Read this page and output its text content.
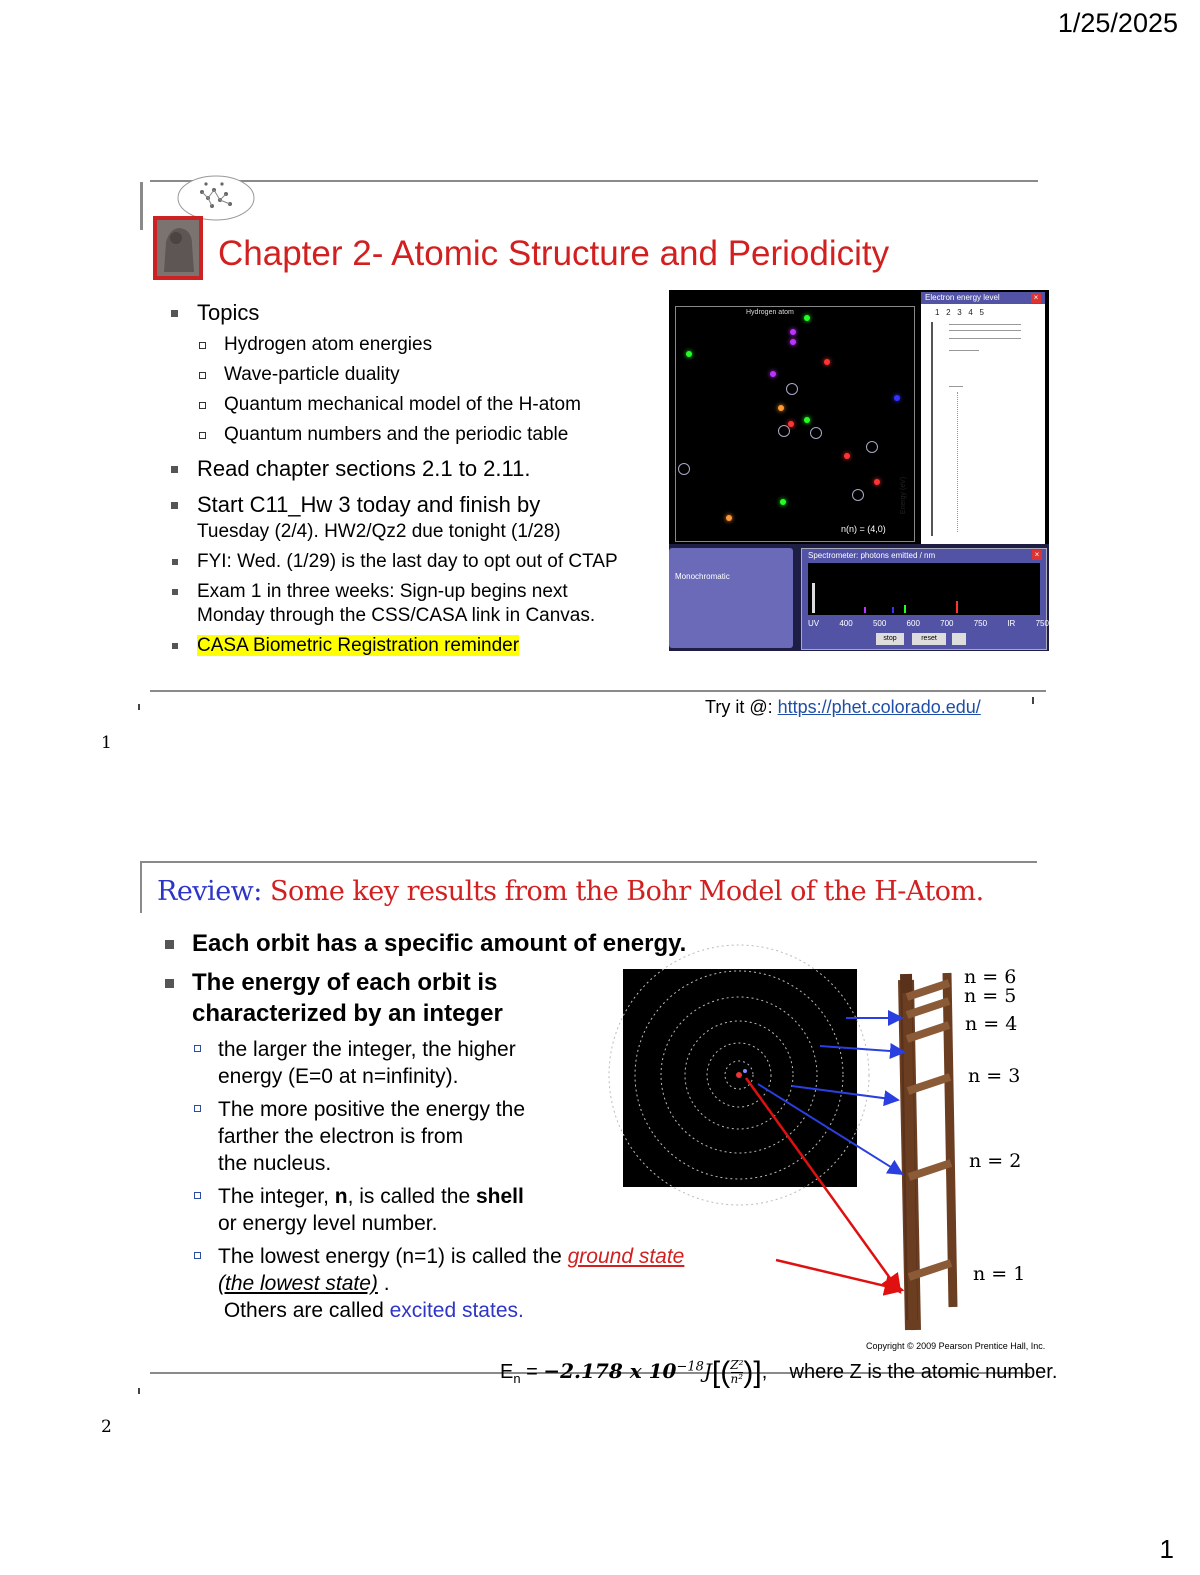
1/25/2025
Chapter 2- Atomic Structure and Periodicity
Topics
Hydrogen atom energies
Wave-particle duality
Quantum mechanical model of the H-atom
Quantum numbers and the periodic table
Read chapter sections 2.1 to 2.11.
Start C11_Hw 3 today and finish by
Tuesday (2/4). HW2/Qz2 due tonight (1/28)
FYI: Wed. (1/29) is the last day to opt out of CTAP
Exam 1 in three weeks: Sign-up begins next
Monday through the CSS/CASA link in Canvas.
CASA Biometric Registration reminder
Hydrogen atom
n(n) = (4,0)
Electron energy level	×
1 2 3 4 5
Energy (eV)
Monochromatic
Spectrometer: photons emitted / nm	×
UV	400	500	600	700	750	IR	7500
stop	reset
Try it @: https://phet.colorado.edu/
1
Review: Some key results from the Bohr Model of the H-Atom.
Each orbit has a specific amount of energy.
The energy of each orbit is
characterized by an integer
the larger the integer, the higher
energy (E=0 at n=infinity).
The more positive the energy the
farther the electron is from
the nucleus.
The integer, n, is called the shell
or energy level number.
The lowest energy (n=1) is called the ground state
(the lowest state) .
Others are called excited states.
n = 6
n = 5
n = 4
n = 3
n = 2
n = 1
Copyright © 2009 Pearson Prentice Hall, Inc.
$E_n = -2.178$ x $10^{-18}J[(\frac{\text{Z²}}{\text{n²}})]$,    where Z is the atomic number.
2
1
